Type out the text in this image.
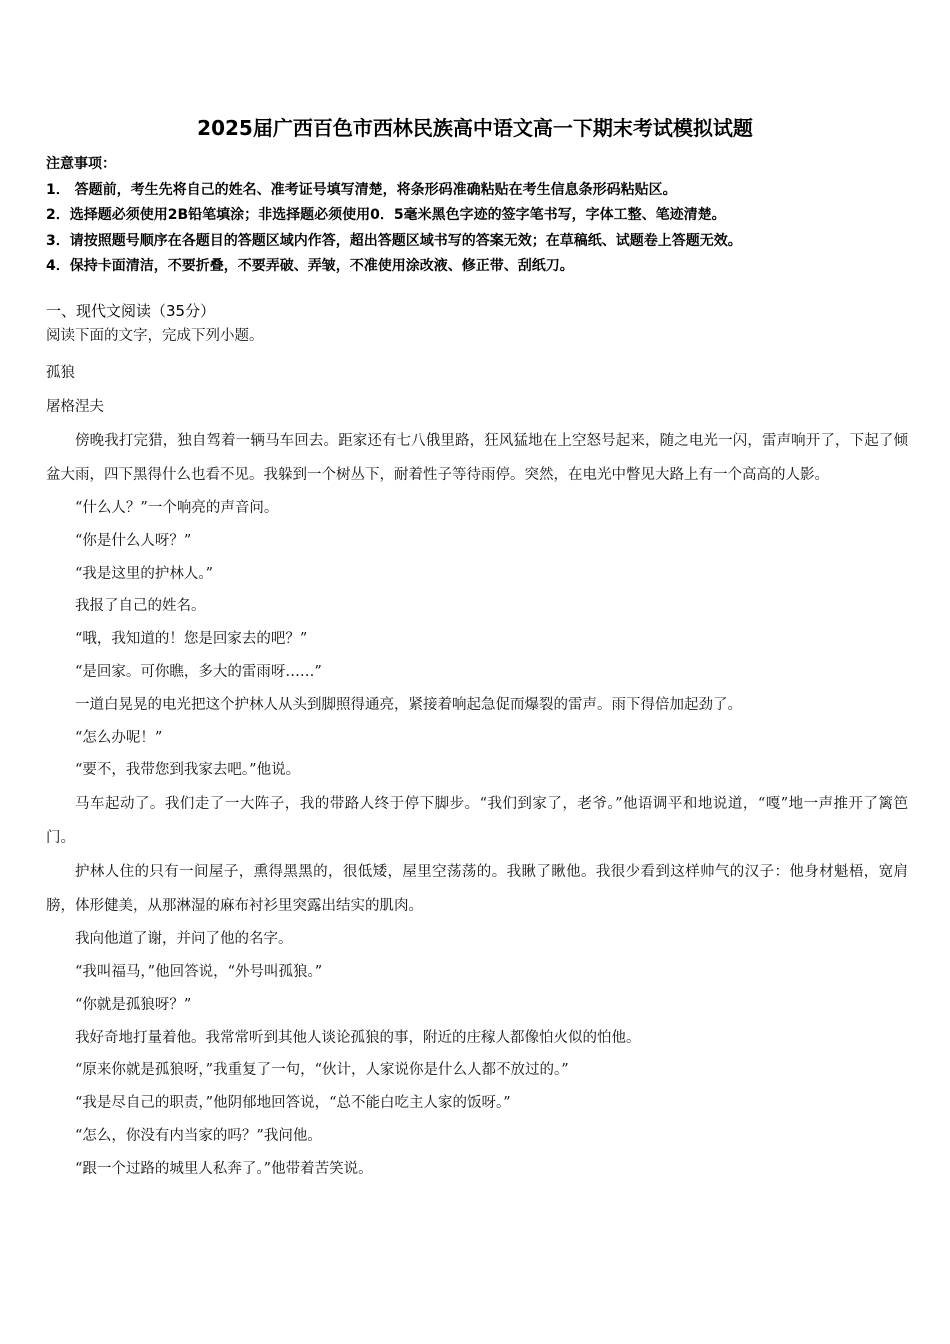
2025届广西百色市西林民族高中语文高一下期末考试模拟试题
注意事项：
1． 答题前，考生先将自己的姓名、准考证号填写清楚，将条形码准确粘贴在考生信息条形码粘贴区。
2．选择题必须使用2B铅笔填涂；非选择题必须使用0．5毫米黑色字迹的签字笔书写，字体工整、笔迹清楚。
3．请按照题号顺序在各题目的答题区域内作答，超出答题区域书写的答案无效；在草稿纸、试题卷上答题无效。
4．保持卡面清洁，不要折叠，不要弄破、弄皱，不准使用涂改液、修正带、刮纸刀。
一、现代文阅读（35分）

阅读下面的文字，完成下列小题。

孤狼

屠格涅夫

傍晚我打完猎，独自驾着一辆马车回去。距家还有七八俄里路，狂风猛地在上空怒号起来，随之电光一闪，雷声响开了，下起了倾盆大雨，四下黑得什么也看不见。我躲到一个树丛下，耐着性子等待雨停。突然，在电光中瞥见大路上有一个高高的人影。

“什么人？”一个响亮的声音问。

“你是什么人呀？”

“我是这里的护林人。”

我报了自己的姓名。

“哦，我知道的！您是回家去的吧？”

“是回家。可你瞧，多大的雷雨呀……”

一道白晃晃的电光把这个护林人从头到脚照得通亮，紧接着响起急促而爆裂的雷声。雨下得倍加起劲了。

“怎么办呢！”

“要不，我带您到我家去吧。”他说。

马车起动了。我们走了一大阵子，我的带路人终于停下脚步。“我们到家了，老爷。”他语调平和地说道，“嘎”地一声推开了篱笆门。

护林人住的只有一间屋子，熏得黑黑的，很低矮，屋里空荡荡的。我瞅了瞅他。我很少看到这样帅气的汉子：他身材魁梧，宽肩膀，体形健美，从那淋湿的麻布衬衫里突露出结实的肌肉。

我向他道了谢，并问了他的名字。

“我叫福马，”他回答说，“外号叫孤狼。”

“你就是孤狼呀？”

我好奇地打量着他。我常常听到其他人谈论孤狼的事，附近的庄稼人都像怕火似的怕他。

“原来你就是孤狼呀，”我重复了一句，“伙计，人家说你是什么人都不放过的。”

“我是尽自己的职责，”他阴郁地回答说，“总不能白吃主人家的饭呀。”

“怎么，你没有内当家的吗？”我问他。

“跟一个过路的城里人私奔了。”他带着苦笑说。
